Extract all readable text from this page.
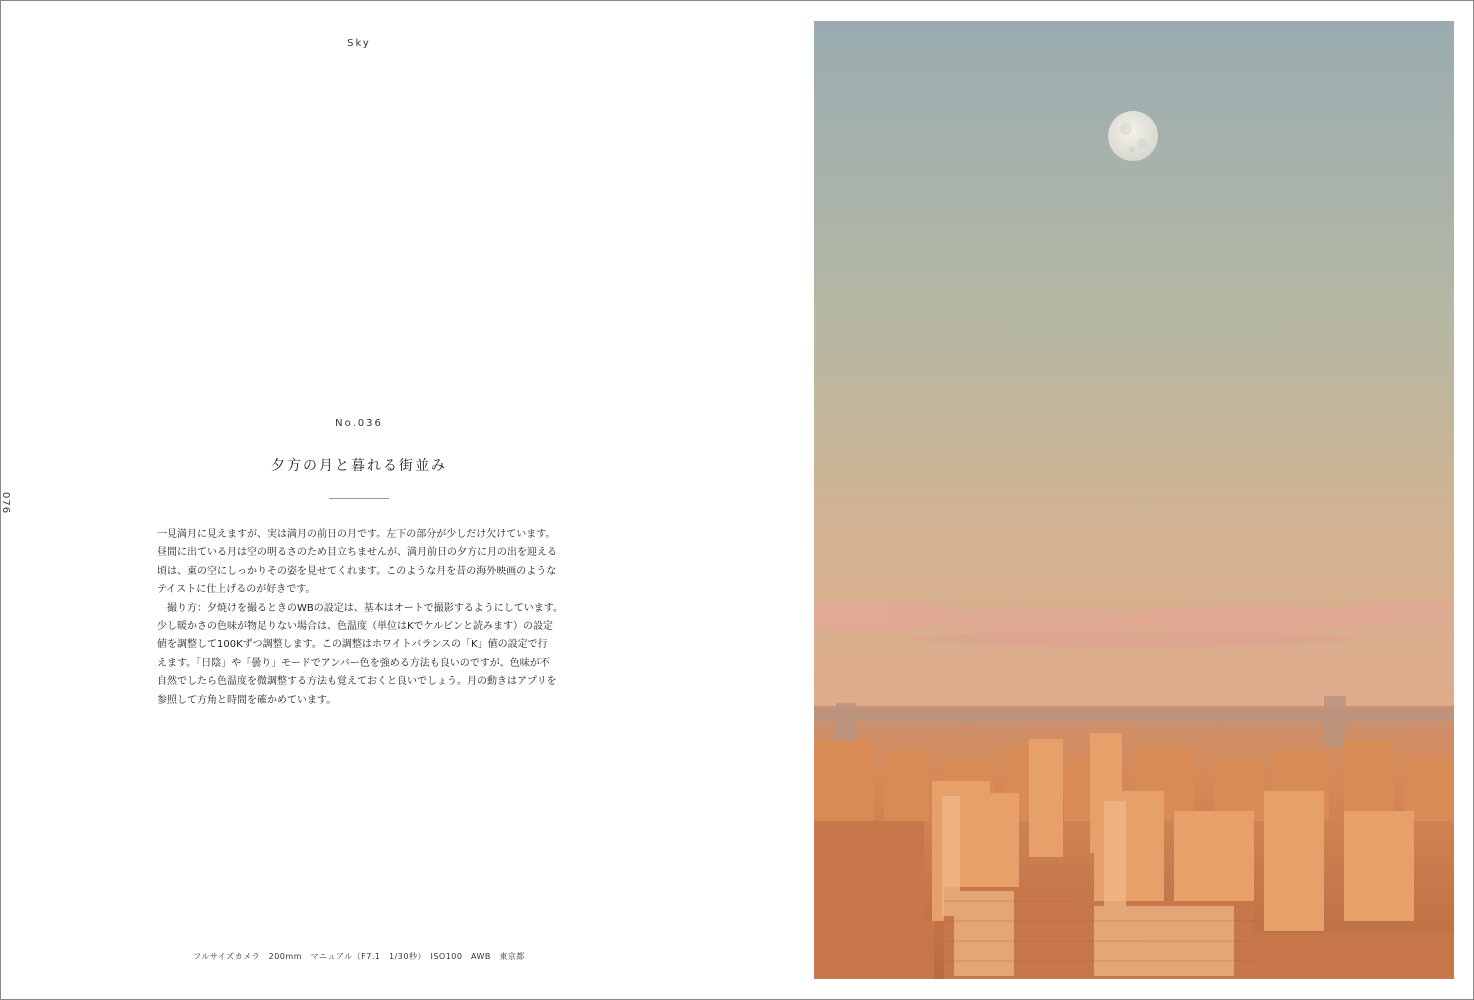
Sky
076
No.036
夕方の月と暮れる街並み
一見満月に見えますが、実は満月の前日の月です。左下の部分が少しだけ欠けています。
昼間に出ている月は空の明るさのため目立ちませんが、満月前日の夕方に月の出を迎える
頃は、東の空にしっかりその姿を見せてくれます。このような月を昔の海外映画のような
テイストに仕上げるのが好きです。
　撮り方：夕焼けを撮るときのWBの設定は、基本はオートで撮影するようにしています。
少し暖かさの色味が物足りない場合は、色温度（単位はKでケルビンと読みます）の設定
値を調整して100Kずつ調整します。この調整はホワイトバランスの「K」値の設定で行
えます。「日陰」や「曇り」モードでアンバー色を強める方法も良いのですが、色味が不
自然でしたら色温度を微調整する方法も覚えておくと良いでしょう。月の動きはアプリを
参照して方角と時間を確かめています。
フルサイズカメラ　200mm　マニュアル（F7.1　1/30秒）　ISO100　AWB　東京都
